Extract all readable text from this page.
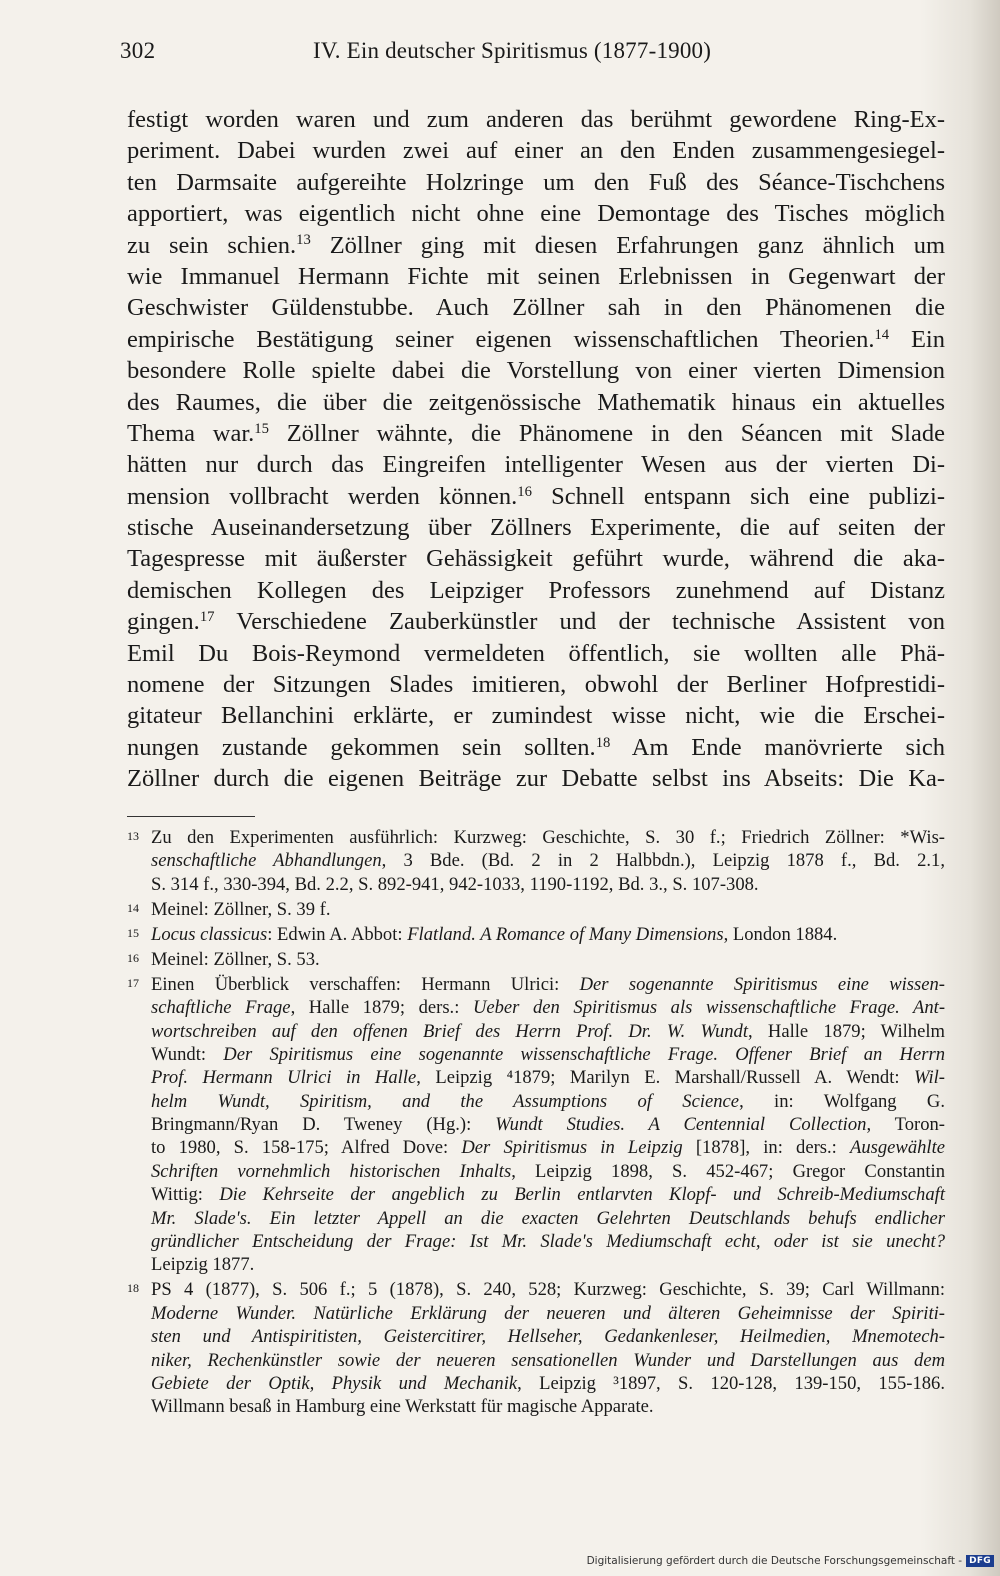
302	IV. Ein deutscher Spiritismus (1877-1900)
festigt worden waren und zum anderen das berühmt gewordene Ring-Ex-
periment. Dabei wurden zwei auf einer an den Enden zusammengesiegel-
ten Darmsaite aufgereihte Holzringe um den Fuß des Séance-Tischchens
apportiert, was eigentlich nicht ohne eine Demontage des Tisches möglich
zu sein schien.$^{13}$ Zöllner ging mit diesen Erfahrungen ganz ähnlich um
wie Immanuel Hermann Fichte mit seinen Erlebnissen in Gegenwart der
Geschwister Güldenstubbe. Auch Zöllner sah in den Phänomenen die
empirische Bestätigung seiner eigenen wissenschaftlichen Theorien.$^{14}$ Ein
besondere Rolle spielte dabei die Vorstellung von einer vierten Dimension
des Raumes, die über die zeitgenössische Mathematik hinaus ein aktuelles
Thema war.$^{15}$ Zöllner wähnte, die Phänomene in den Séancen mit Slade
hätten nur durch das Eingreifen intelligenter Wesen aus der vierten Di-
mension vollbracht werden können.$^{16}$ Schnell entspann sich eine publizi-
stische Auseinandersetzung über Zöllners Experimente, die auf seiten der
Tagespresse mit äußerster Gehässigkeit geführt wurde, während die aka-
demischen Kollegen des Leipziger Professors zunehmend auf Distanz
gingen.$^{17}$ Verschiedene Zauberkünstler und der technische Assistent von
Emil Du Bois-Reymond vermeldeten öffentlich, sie wollten alle Phä-
nomene der Sitzungen Slades imitieren, obwohl der Berliner Hofprestidi-
gitateur Bellanchini erklärte, er zumindest wisse nicht, wie die Erschei-
nungen zustande gekommen sein sollten.$^{18}$ Am Ende manövrierte sich
Zöllner durch die eigenen Beiträge zur Debatte selbst ins Abseits: Die Ka-
13 Zu den Experimenten ausführlich: Kurzweg: Geschichte, S. 30 f.; Friedrich Zöllner: *Wis-
senschaftliche Abhandlungen, 3 Bde. (Bd. 2 in 2 Halbbdn.), Leipzig 1878 f., Bd. 2.1,
S. 314 f., 330-394, Bd. 2.2, S. 892-941, 942-1033, 1190-1192, Bd. 3., S. 107-308.
14 Meinel: Zöllner, S. 39 f.
15 Locus classicus: Edwin A. Abbot: Flatland. A Romance of Many Dimensions, London 1884.
16 Meinel: Zöllner, S. 53.
17 Einen Überblick verschaffen: Hermann Ulrici: Der sogenannte Spiritismus eine wissen-
schaftliche Frage, Halle 1879; ders.: Ueber den Spiritismus als wissenschaftliche Frage. Ant-
wortschreiben auf den offenen Brief des Herrn Prof. Dr. W. Wundt, Halle 1879; Wilhelm
Wundt: Der Spiritismus eine sogenannte wissenschaftliche Frage. Offener Brief an Herrn
Prof. Hermann Ulrici in Halle, Leipzig ⁴1879; Marilyn E. Marshall/Russell A. Wendt: Wil-
helm Wundt, Spiritism, and the Assumptions of Science, in: Wolfgang G.
Bringmann/Ryan D. Tweney (Hg.): Wundt Studies. A Centennial Collection, Toron-
to 1980, S. 158-175; Alfred Dove: Der Spiritismus in Leipzig [1878], in: ders.: Ausgewählte
Schriften vornehmlich historischen Inhalts, Leipzig 1898, S. 452-467; Gregor Constantin
Wittig: Die Kehrseite der angeblich zu Berlin entlarvten Klopf- und Schreib-Mediumschaft
Mr. Slade's. Ein letzter Appell an die exacten Gelehrten Deutschlands behufs endlicher
gründlicher Entscheidung der Frage: Ist Mr. Slade's Mediumschaft echt, oder ist sie unecht?
Leipzig 1877.
18 PS 4 (1877), S. 506 f.; 5 (1878), S. 240, 528; Kurzweg: Geschichte, S. 39; Carl Willmann:
Moderne Wunder. Natürliche Erklärung der neueren und älteren Geheimnisse der Spiriti-
sten und Antispiritisten, Geistercitirer, Hellseher, Gedankenleser, Heilmedien, Mnemotech-
niker, Rechenkünstler sowie der neueren sensationellen Wunder und Darstellungen aus dem
Gebiete der Optik, Physik und Mechanik, Leipzig ³1897, S. 120-128, 139-150, 155-186.
Willmann besaß in Hamburg eine Werkstatt für magische Apparate.
Digitalisierung gefördert durch die Deutsche Forschungsgemeinschaft - DFG
